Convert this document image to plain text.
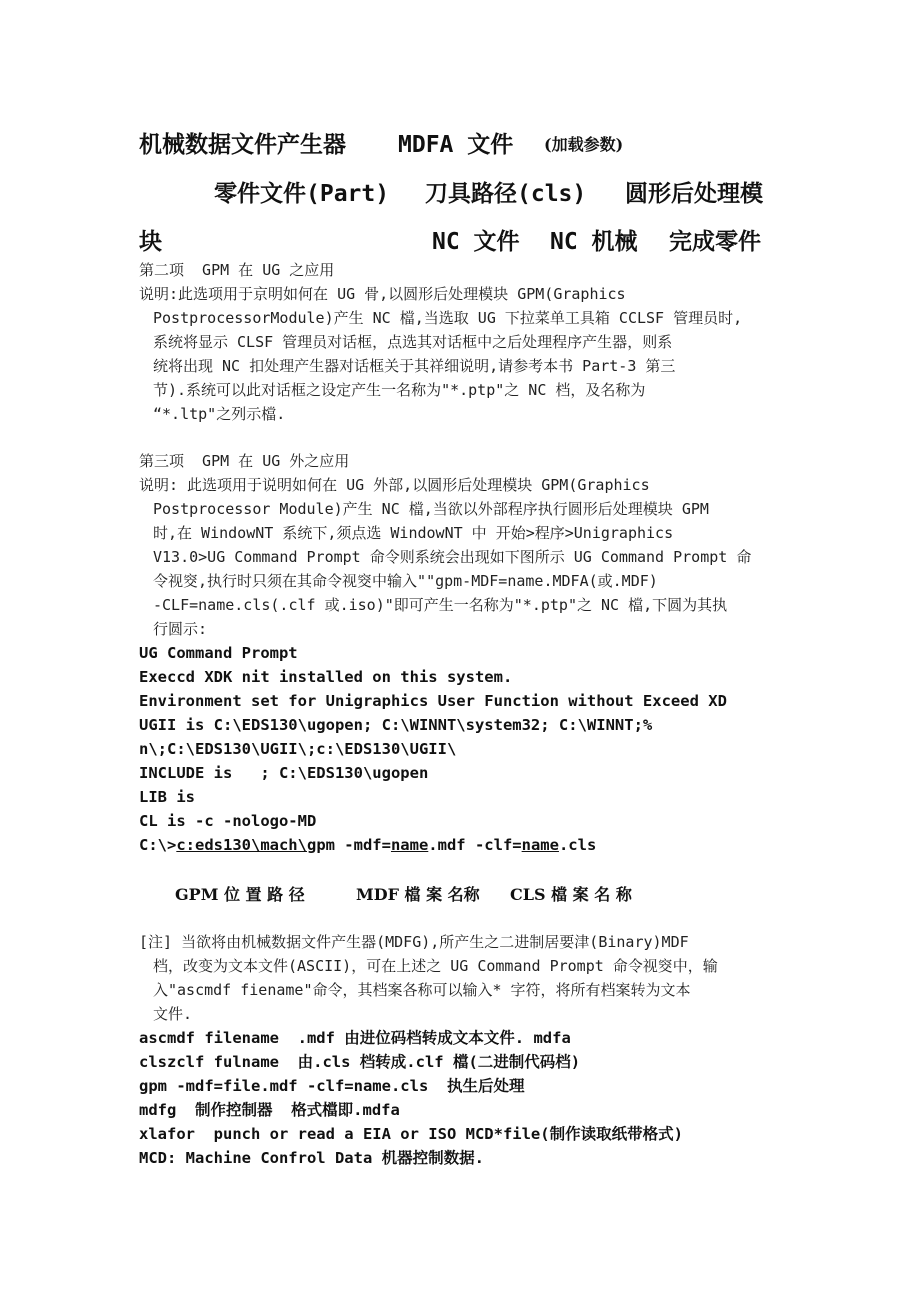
机械数据文件产生器 MDFA 文件 (加载参数)
零件文件(Part) 刀具路径(cls) 圆形后处理模
块	NC 文件 NC 机械 完成零件
第二项  GPM 在 UG 之应用
说明:此选项用于京明如何在 UG 骨,以圆形后处理模块 GPM(Graphics
PostprocessorModule)产生 NC 檔,当选取 UG 下拉菜单工具箱 CCLSF 管理员时,
系统将显示 CLSF 管理员对话框，点选其对话框中之后处理程序产生器，则系
统将出现 NC 扣处理产生器对话框关于其祥细说明,请参考本书 Part-3 第三
节).系统可以此对话框之设定产生一名称为"*.ptp"之 NC 档，及名称为
“*.ltp"之列示檔.
第三项  GPM 在 UG 外之应用
说明: 此选项用于说明如何在 UG 外部,以圆形后处理模块 GPM(Graphics
Postprocessor Module)产生 NC 檔,当欲以外部程序执行圆形后处理模块 GPM
时,在 WindowNT 系统下,须点选 WindowNT 中 开始>程序>Unigraphics
V13.0>UG Command Prompt 命令则系统会出现如下图所示 UG Command Prompt 命
令视窔,执行时只须在其命令视窔中输入""gpm-MDF=name.MDFA(或.MDF)
-CLF=name.cls(.clf 或.iso)"即可产生一名称为"*.ptp"之 NC 檔,下圆为其执
行圆示:
UG Command Prompt
Execcd XDK nit installed on this system.
Environment set for Unigraphics User Function without Exceed XD
UGII is C:\EDS130\ugopen; C:\WINNT\system32; C:\WINNT;%
n\;C:\EDS130\UGII\;c:\EDS130\UGII\
INCLUDE is   ; C:\EDS130\ugopen
LIB is
CL is -c -nologo-MD
C:\>c:eds130\mach\gpm -mdf=name.mdf -clf=name.cls
GPM 位 置 路 径	MDF 檔 案 名称 CLS 檔 案 名 称
[注] 当欲将由机械数据文件产生器(MDFG),所产生之二进制居要津(Binary)MDF
档，改变为文本文件(ASCII)，可在上述之 UG Command Prompt 命令视窔中，输
入"ascmdf fiename"命令，其档案各称可以输入* 字符，将所有档案转为文本
文件.
ascmdf filename  .mdf 由进位码档转成文本文件. mdfa
clszclf fulname  由.cls 档转成.clf 檔(二进制代码档)
gpm -mdf=file.mdf -clf=name.cls  执生后处理
mdfg  制作控制器  格式檔即.mdfa
xlafor  punch or read a EIA or ISO MCD*file(制作读取纸带格式)
MCD: Machine Confrol Data 机器控制数据.
